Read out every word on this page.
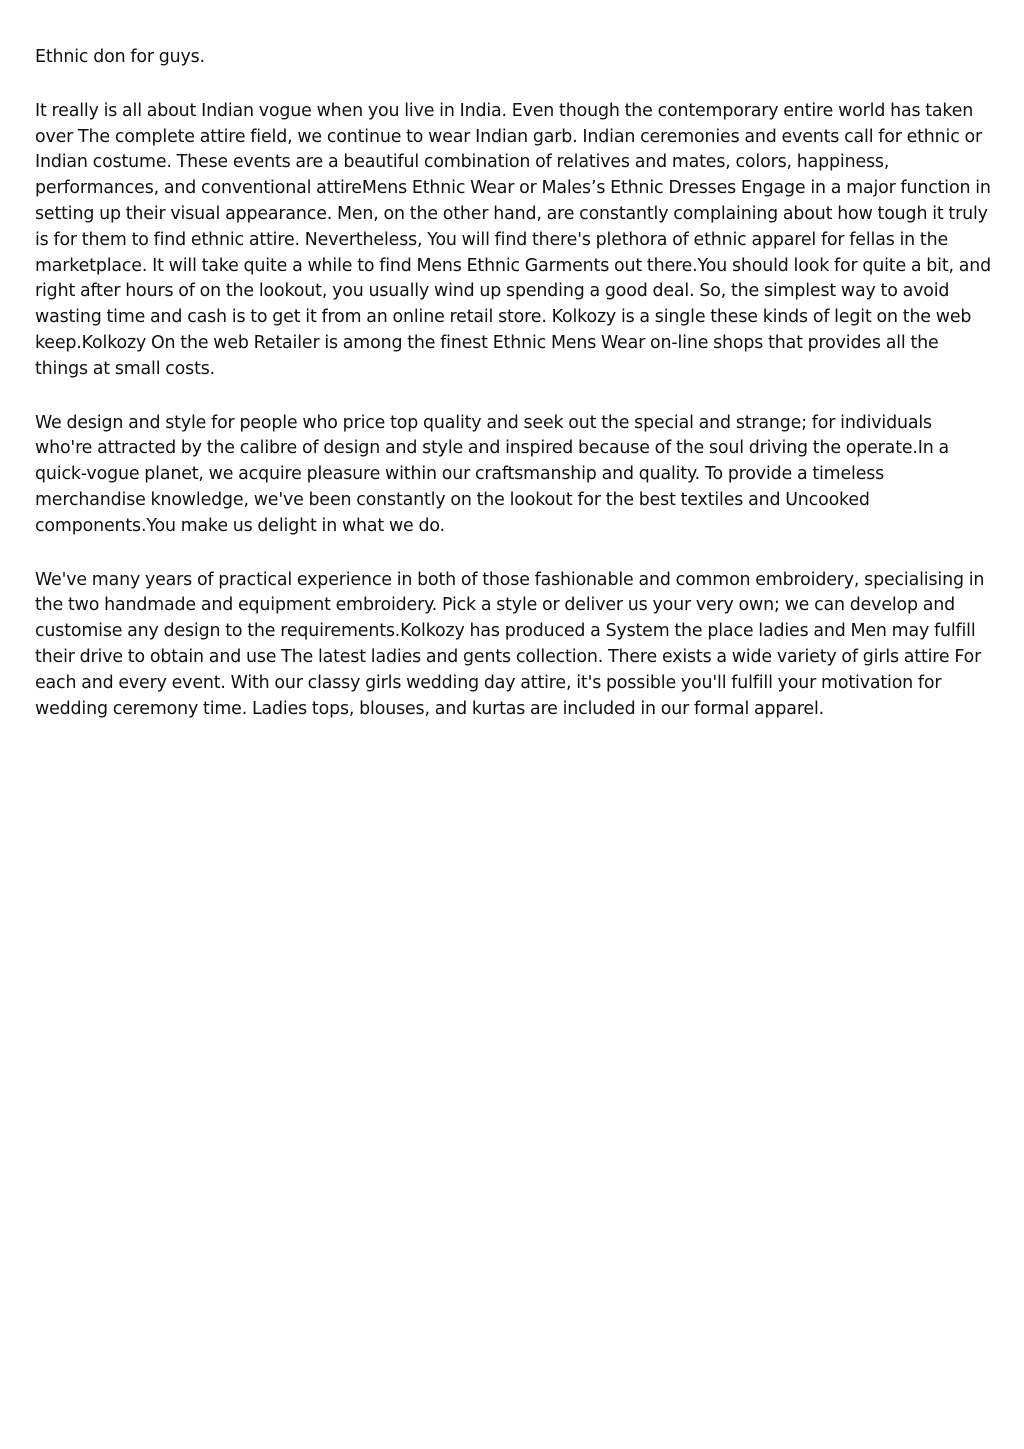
Ethnic don for guys.

It really is all about Indian vogue when you live in India. Even though the contemporary entire world has taken over The complete attire field, we continue to wear Indian garb. Indian ceremonies and events call for ethnic or Indian costume. These events are a beautiful combination of relatives and mates, colors, happiness, performances, and conventional attireMens Ethnic Wear or Males’s Ethnic Dresses Engage in a major function in setting up their visual appearance. Men, on the other hand, are constantly complaining about how tough it truly is for them to find ethnic attire. Nevertheless, You will find there's plethora of ethnic apparel for fellas in the marketplace. It will take quite a while to find Mens Ethnic Garments out there.You should look for quite a bit, and right after hours of on the lookout, you usually wind up spending a good deal. So, the simplest way to avoid wasting time and cash is to get it from an online retail store. Kolkozy is a single these kinds of legit on the web keep.Kolkozy On the web Retailer is among the finest Ethnic Mens Wear on-line shops that provides all the things at small costs.

We design and style for people who price top quality and seek out the special and strange; for individuals who're attracted by the calibre of design and style and inspired because of the soul driving the operate.In a quick-vogue planet, we acquire pleasure within our craftsmanship and quality. To provide a timeless merchandise knowledge, we've been constantly on the lookout for the best textiles and Uncooked components.You make us delight in what we do.

We've many years of practical experience in both of those fashionable and common embroidery, specialising in the two handmade and equipment embroidery. Pick a style or deliver us your very own; we can develop and customise any design to the requirements.Kolkozy has produced a System the place ladies and Men may fulfill their drive to obtain and use The latest ladies and gents collection. There exists a wide variety of girls attire For each and every event. With our classy girls wedding day attire, it's possible you'll fulfill your motivation for wedding ceremony time. Ladies tops, blouses, and kurtas are included in our formal apparel.
